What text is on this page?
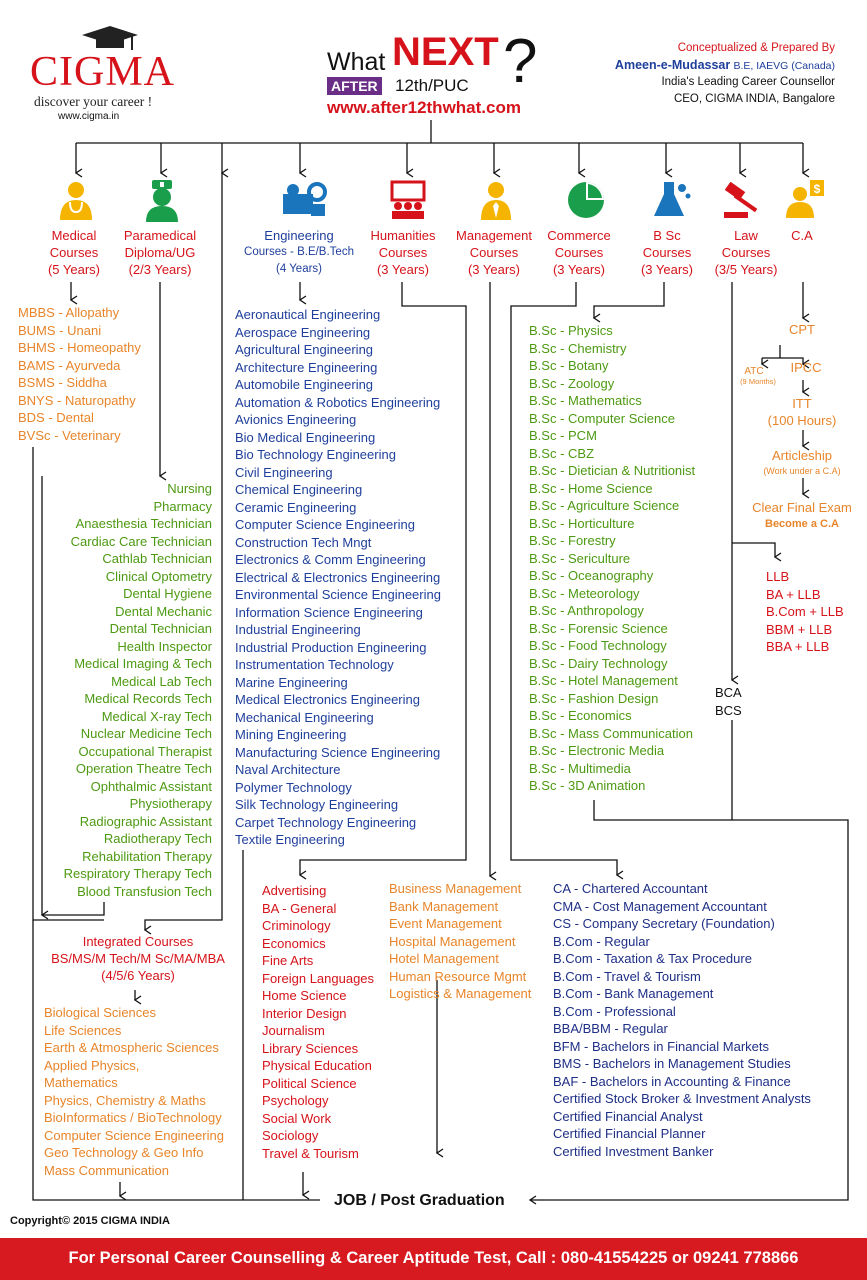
CIGMA
discover your career !
www.cigma.in
What NEXT
AFTER 12th/PUC ?
www.after12thwhat.com
Conceptualized & Prepared By
Ameen-e-Mudassar B.E, IAEVG (Canada)
India's Leading Career Counsellor
CEO, CIGMA INDIA, Bangalore
$
Medical
Courses
(5 Years)
Paramedical
Diploma/UG
(2/3 Years)
Engineering
Courses - B.E/B.Tech
(4 Years)
Humanities
Courses
(3 Years)
Management
Courses
(3 Years)
Commerce
Courses
(3 Years)
B Sc
Courses
(3 Years)
Law
Courses
(3/5 Years)
C.A
MBBS - Allopathy
BUMS - Unani
BHMS - Homeopathy
BAMS - Ayurveda
BSMS - Siddha
BNYS - Naturopathy
BDS - Dental
BVSc - Veterinary
Nursing
Pharmacy
Anaesthesia Technician
Cardiac Care Technician
Cathlab Technician
Clinical Optometry
Dental Hygiene
Dental Mechanic
Dental Technician
Health Inspector
Medical Imaging & Tech
Medical Lab Tech
Medical Records Tech
Medical X-ray Tech
Nuclear Medicine Tech
Occupational Therapist
Operation Theatre Tech
Ophthalmic Assistant
Physiotherapy
Radiographic Assistant
Radiotherapy Tech
Rehabilitation Therapy
Respiratory Therapy Tech
Blood Transfusion Tech
Aeronautical Engineering
Aerospace Engineering
Agricultural Engineering
Architecture Engineering
Automobile Engineering
Automation & Robotics Engineering
Avionics Engineering
Bio Medical Engineering
Bio Technology Engineering
Civil Engineering
Chemical Engineering
Ceramic Engineering
Computer Science Engineering
Construction Tech Mngt
Electronics & Comm Engineering
Electrical & Electronics Engineering
Environmental Science Engineering
Information Science Engineering
Industrial Engineering
Industrial Production Engineering
Instrumentation Technology
Marine Engineering
Medical Electronics Engineering
Mechanical Engineering
Mining Engineering
Manufacturing Science Engineering
Naval Architecture
Polymer Technology
Silk Technology Engineering
Carpet Technology Engineering
Textile Engineering
B.Sc - Physics
B.Sc - Chemistry
B.Sc - Botany
B.Sc - Zoology
B.Sc - Mathematics
B.Sc - Computer Science
B.Sc - PCM
B.Sc - CBZ
B.Sc - Dietician & Nutritionist
B.Sc - Home Science
B.Sc - Agriculture Science
B.Sc - Horticulture
B.Sc - Forestry
B.Sc - Sericulture
B.Sc - Oceanography
B.Sc - Meteorology
B.Sc - Anthropology
B.Sc - Forensic Science
B.Sc - Food Technology
B.Sc - Dairy Technology
B.Sc - Hotel Management
B.Sc - Fashion Design
B.Sc - Economics
B.Sc - Mass Communication
B.Sc - Electronic Media
B.Sc - Multimedia
B.Sc - 3D Animation
CPT
ATC
(9 Months)
IPCC
ITT
(100 Hours)
Articleship
(Work under a C.A)
Clear Final Exam
Become a C.A
LLB
BA + LLB
B.Com + LLB
BBM + LLB
BBA + LLB
BCA
BCS
Integrated Courses
BS/MS/M Tech/M Sc/MA/MBA
(4/5/6 Years)
Biological Sciences
Life Sciences
Earth & Atmospheric Sciences
Applied Physics,
Mathematics
Physics, Chemistry & Maths
BioInformatics / BioTechnology
Computer Science Engineering
Geo Technology & Geo Info
Mass Communication
Advertising
BA - General
Criminology
Economics
Fine Arts
Foreign Languages
Home Science
Interior Design
Journalism
Library Sciences
Physical Education
Political Science
Psychology
Social Work
Sociology
Travel & Tourism
Business Management
Bank Management
Event Management
Hospital Management
Hotel Management
Human Resource Mgmt
Logistics & Management
CA - Chartered Accountant
CMA - Cost Management Accountant
CS - Company Secretary (Foundation)
B.Com - Regular
B.Com - Taxation & Tax Procedure
B.Com - Travel & Tourism
B.Com - Bank Management
B.Com - Professional
BBA/BBM - Regular
BFM - Bachelors in Financial Markets
BMS - Bachelors in Management Studies
BAF - Bachelors in Accounting & Finance
Certified Stock Broker & Investment Analysts
Certified Financial Analyst
Certified Financial Planner
Certified Investment Banker
JOB / Post Graduation
Copyright© 2015 CIGMA INDIA
For Personal Career Counselling & Career Aptitude Test, Call : 080-41554225 or 09241 778866
